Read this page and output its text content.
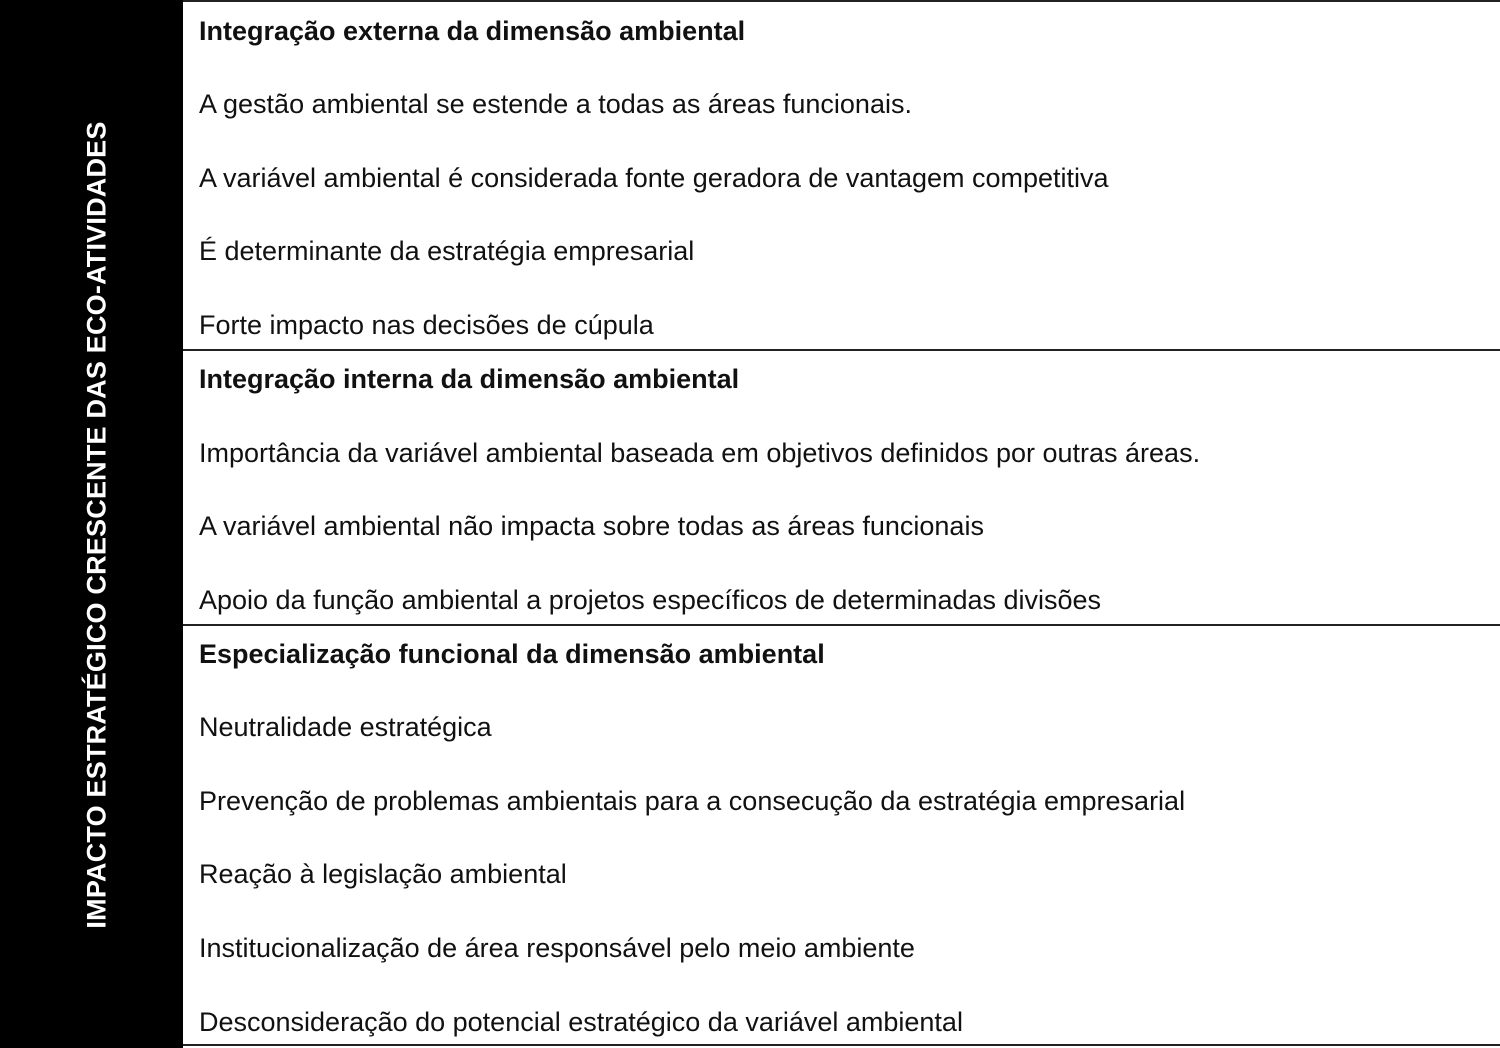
IMPACTO ESTRATÉGICO CRESCENTE DAS ECO-ATIVIDADES
Integração externa da dimensão ambiental
A gestão ambiental se estende a todas as áreas funcionais.
A variável ambiental é considerada fonte geradora de vantagem competitiva
É determinante da estratégia empresarial
Forte impacto nas decisões de cúpula
Integração interna da dimensão ambiental
Importância da variável ambiental baseada em objetivos definidos por outras áreas.
A variável ambiental não impacta sobre todas as áreas funcionais
Apoio da função ambiental a projetos específicos de determinadas divisões
Especialização funcional da dimensão ambiental
Neutralidade estratégica
Prevenção de problemas ambientais para a consecução da estratégia empresarial
Reação à legislação ambiental
Institucionalização de área responsável pelo meio ambiente
Desconsideração do potencial estratégico da variável ambiental
